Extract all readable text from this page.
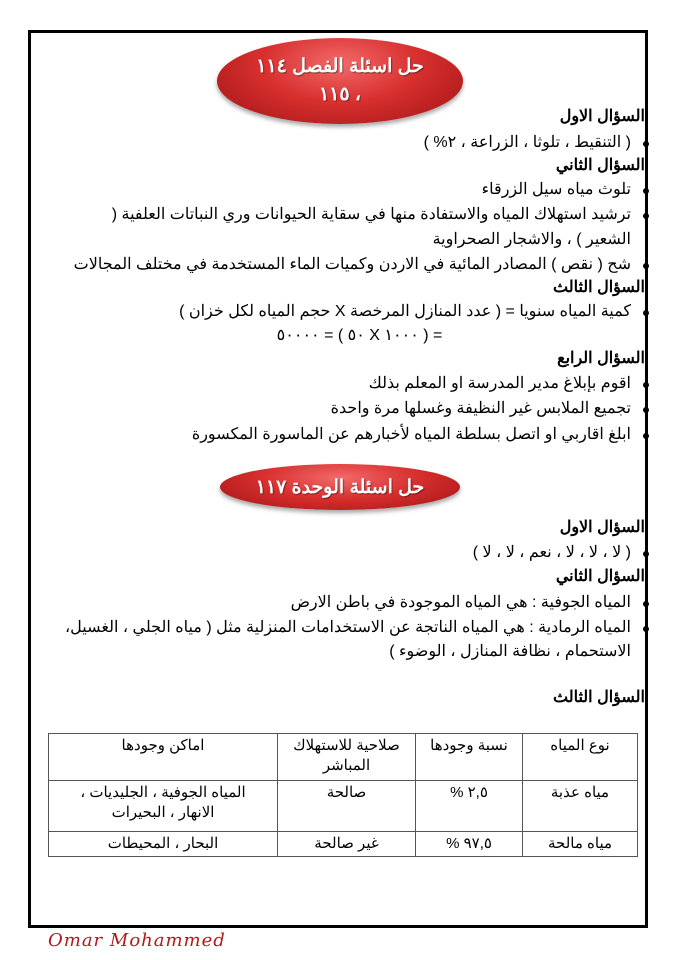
حل اسئلة الفصل ١١٤
، ١١٥
السؤال الاول
( التنقيط ، تلوثا ، الزراعة ، ٢% )
السؤال الثاني
تلوث مياه سيل الزرقاء
ترشيد استهلاك المياه والاستفادة منها في سقاية الحيوانات وري النباتات العلفية (
الشعير ) ، والاشجار الصحراوية
شح ( نقص ) المصادر المائية في الاردن وكميات الماء المستخدمة في مختلف المجالات
السؤال الثالث
كمية المياه سنويا = ( عدد المنازل المرخصة X حجم المياه لكل خزان )
= ( ١٠٠٠ X ٥٠ ) = ٥٠٠٠٠
السؤال الرابع
اقوم بإبلاغ مدير المدرسة او المعلم بذلك
تجميع الملابس غير النظيفة وغسلها مرة واحدة
ابلغ اقاربي او اتصل بسلطة المياه لأخبارهم عن الماسورة المكسورة
حل اسئلة الوحدة ١١٧
السؤال الاول
( لا ، لا ، لا ، نعم ، لا ، لا )
السؤال الثاني
المياه الجوفية : هي المياه الموجودة في باطن الارض
المياه الرمادية : هي المياه الناتجة عن الاستخدامات المنزلية مثل ( مياه الجلي ، الغسيل،
الاستحمام ، نظافة المنازل ، الوضوء )
السؤال الثالث
نوع المياه	نسبة وجودها	صلاحية للاستهلاك المباشر	اماكن وجودها
مياه عذبة	٢,٥ %	صالحة	المياه الجوفية ، الجليديات ، الانهار ، البحيرات
مياه مالحة	٩٧,٥ %	غير صالحة	البحار ، المحيطات
Omar Mohammed
